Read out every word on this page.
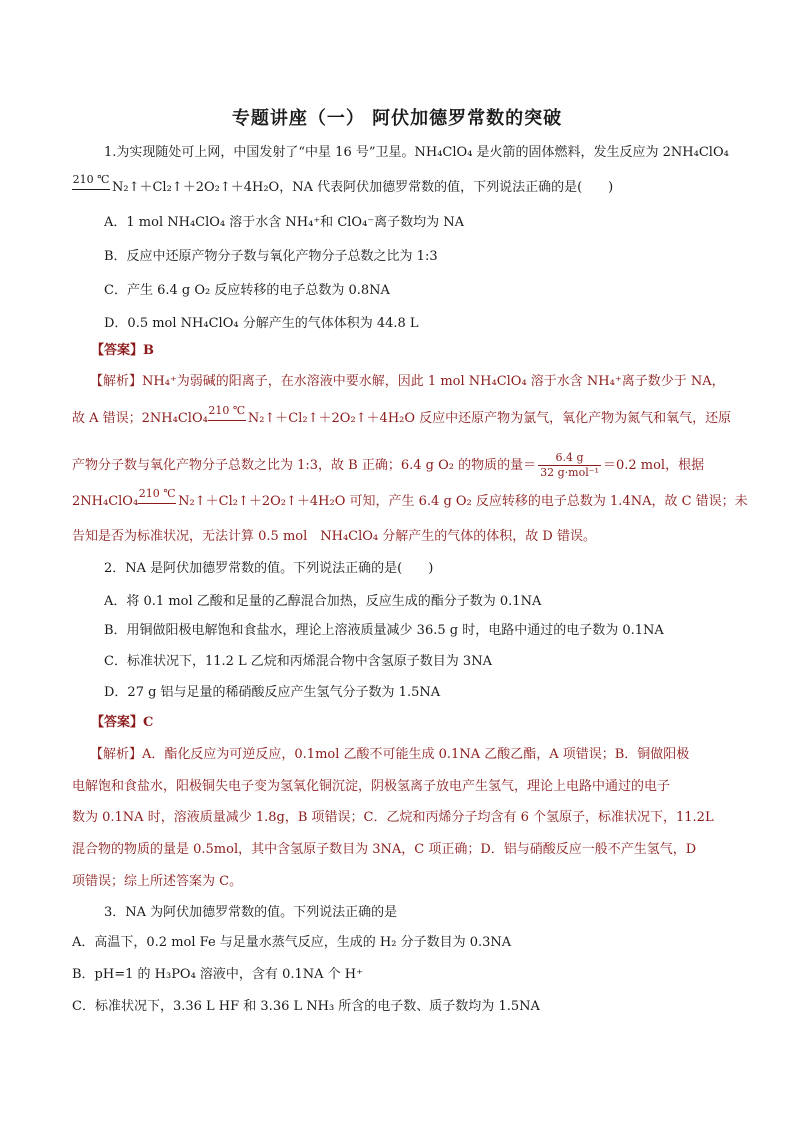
专题讲座（一） 阿伏加德罗常数的突破
1.为实现随处可上网，中国发射了“中星 16 号”卫星。NH₄ClO₄ 是火箭的固体燃料，发生反应为 2NH₄ClO₄
210 ℃
N₂↑＋Cl₂↑＋2O₂↑＋4H₂O，NA 代表阿伏加德罗常数的值，下列说法正确的是(　　)
A．1 mol NH₄ClO₄ 溶于水含 NH₄⁺和 ClO₄⁻离子数均为 NA
B．反应中还原产物分子数与氧化产物分子总数之比为 1:3
C．产生 6.4 g O₂ 反应转移的电子总数为 0.8NA
D．0.5 mol NH₄ClO₄ 分解产生的气体体积为 44.8 L
【答案】B
【解析】NH₄⁺为弱碱的阳离子，在水溶液中要水解，因此 1 mol NH₄ClO₄ 溶于水含 NH₄⁺离子数少于 NA，
故 A 错误；2NH₄ClO₄
210 ℃
N₂↑＋Cl₂↑＋2O₂↑＋4H₂O 反应中还原产物为氯气，氧化产物为氮气和氧气，还原
产物分子数与氧化产物分子总数之比为 1:3，故 B 正确；6.4 g O₂ 的物质的量＝ $\frac{6.4 g}{\text{32 g·mol⁻¹}} =0.2$ mol，根据
2NH₄ClO₄
210 ℃
N₂↑＋Cl₂↑＋2O₂↑＋4H₂O 可知，产生 6.4 g O₂ 反应转移的电子总数为 1.4NA，故 C 错误；未
告知是否为标准状况，无法计算 0.5 mol　NH₄ClO₄ 分解产生的气体的体积，故 D 错误。
2．NA 是阿伏加德罗常数的值。下列说法正确的是(　　)
A．将 0.1 mol 乙酸和足量的乙醇混合加热，反应生成的酯分子数为 0.1NA
B．用铜做阳极电解饱和食盐水，理论上溶液质量减少 36.5 g 时，电路中通过的电子数为 0.1NA
C．标准状况下，11.2 L 乙烷和丙烯混合物中含氢原子数目为 3NA
D．27 g 铝与足量的稀硝酸反应产生氢气分子数为 1.5NA
【答案】C
【解析】A．酯化反应为可逆反应，0.1mol 乙酸不可能生成 0.1NA 乙酸乙酯，A 项错误；B．铜做阳极
电解饱和食盐水，阳极铜失电子变为氢氧化铜沉淀，阴极氢离子放电产生氢气，理论上电路中通过的电子
数为 0.1NA 时，溶液质量减少 1.8g，B 项错误；C．乙烷和丙烯分子均含有 6 个氢原子，标准状况下，11.2L
混合物的物质的量是 0.5mol，其中含氢原子数目为 3NA，C 项正确；D．铝与硝酸反应一般不产生氢气，D
项错误；综上所述答案为 C。
3．NA 为阿伏加德罗常数的值。下列说法正确的是
A．高温下，0.2 mol Fe 与足量水蒸气反应，生成的 H₂ 分子数目为 0.3NA
B．pH=1 的 H₃PO₄ 溶液中，含有 0.1NA 个 H⁺
C．标准状况下，3.36 L HF 和 3.36 L NH₃ 所含的电子数、质子数均为 1.5NA
